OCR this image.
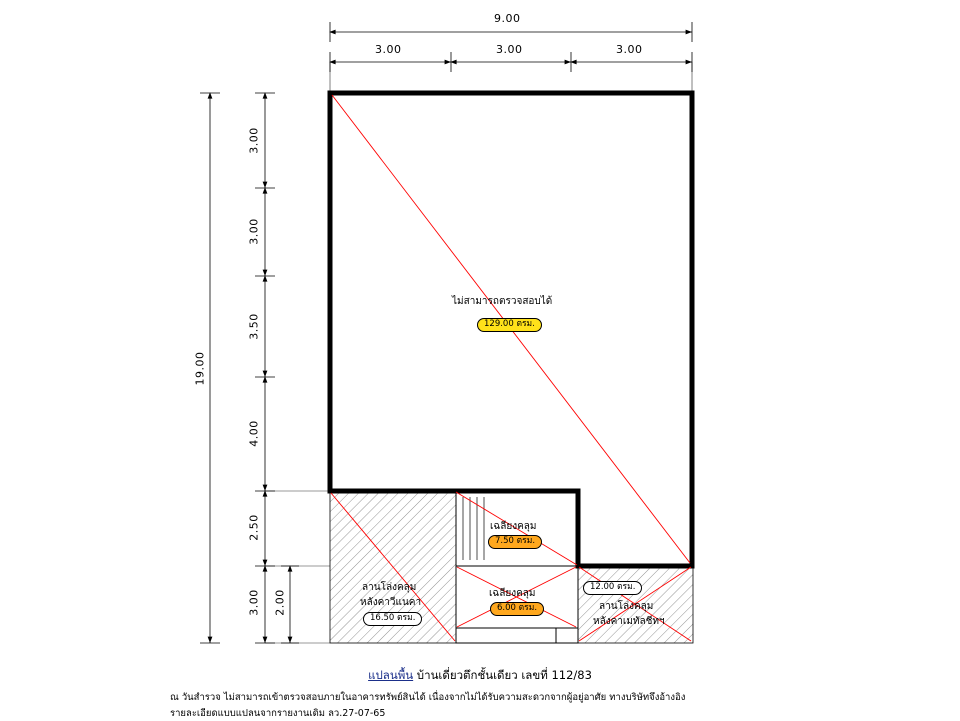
9.00
3.00	3.00	3.00
19.00
3.00
3.00
3.50
4.00
2.50
3.00 2.00
ไม่สามารถตรวจสอบได้
129.00 ตรม.
เฉลียงคลุม
7.50 ตรม.
เฉลียงคลุม
6.00 ตรม.
ลานโล่งคลุม
หลังคาวีแนคา
16.50 ตรม.
12.00 ตรม.
ลานโล่งคลุม
หลังคาเมทัลชีทฯ
แปลนพื้น บ้านเดี่ยวตึกชั้นเดียว เลขที่ 112/83
ณ วันสำรวจ ไม่สามารถเข้าตรวจสอบภายในอาคารทรัพย์สินได้ เนื่องจากไม่ได้รับความสะดวกจากผู้อยู่อาศัย ทางบริษัทจึงอ้างอิง
รายละเอียดแบบแปลนจากรายงานเดิม ลว.27-07-65
